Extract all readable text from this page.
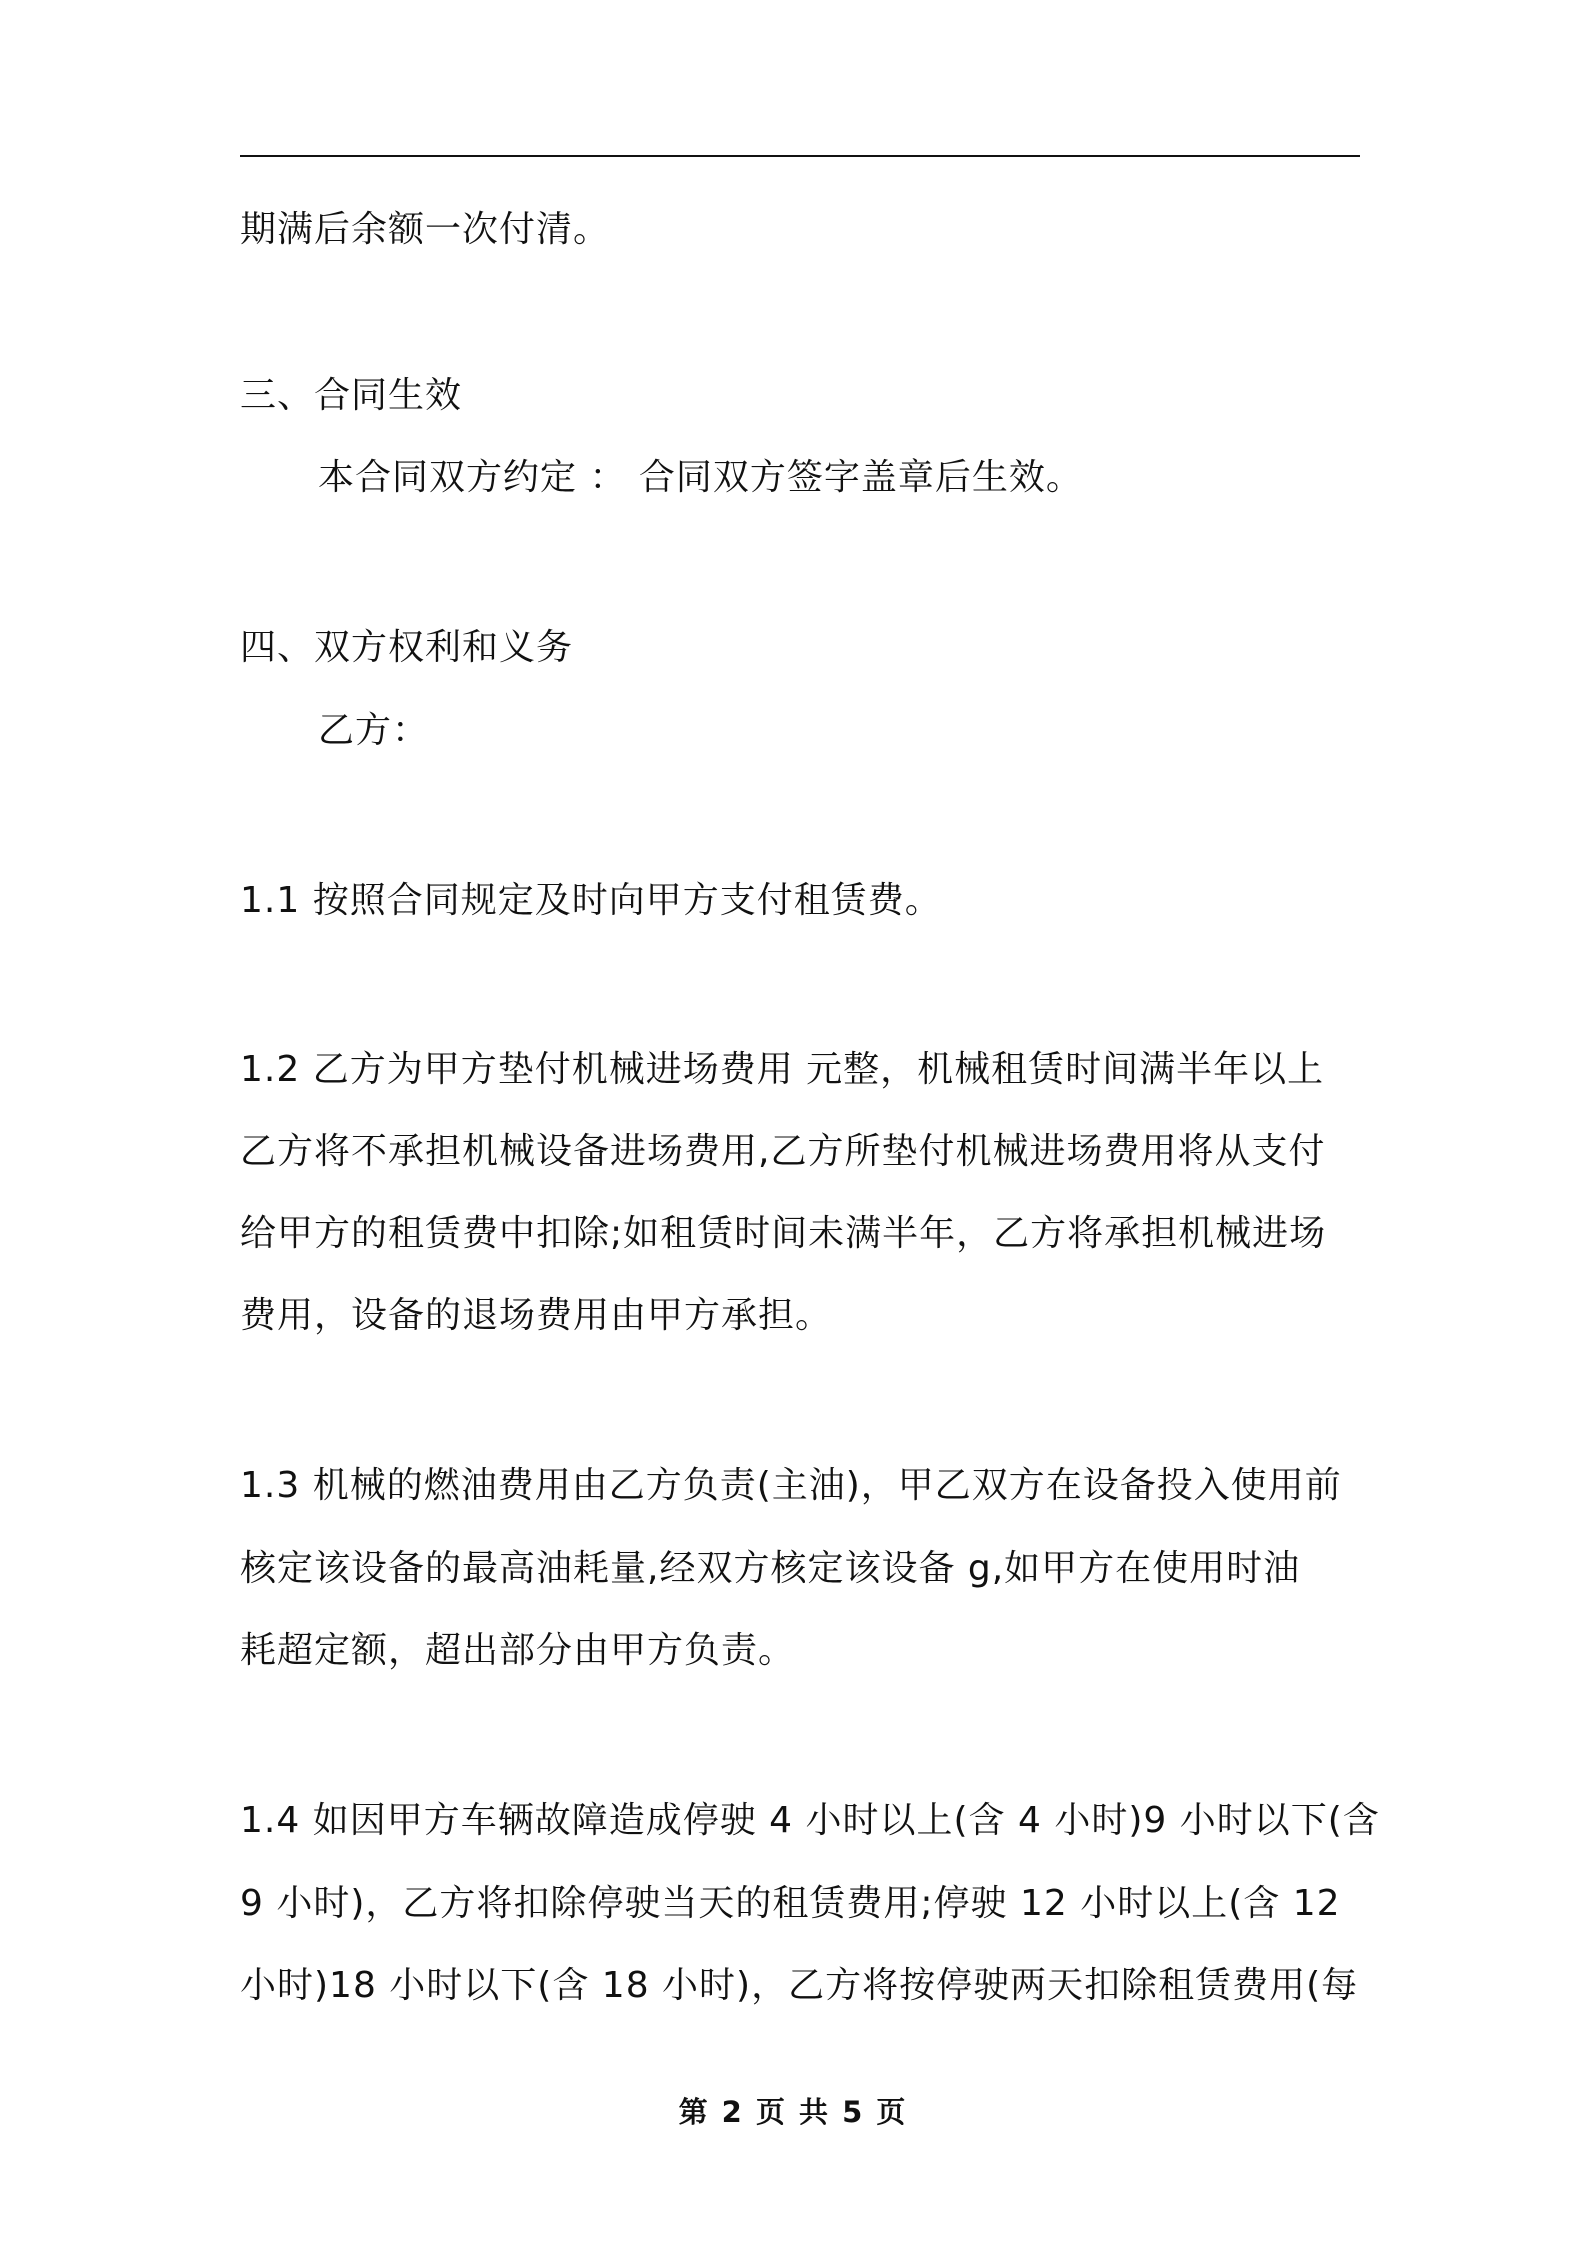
期满后余额一次付清。
三、合同生效
本合同双方约定 ： 合同双方签字盖章后生效。
四、双方权利和义务
乙方：
1.1 按照合同规定及时向甲方支付租赁费。
1.2 乙方为甲方垫付机械进场费用 元整，机械租赁时间满半年以上
乙方将不承担机械设备进场费用,乙方所垫付机械进场费用将从支付
给甲方的租赁费中扣除;如租赁时间未满半年，乙方将承担机械进场
费用，设备的退场费用由甲方承担。
1.3 机械的燃油费用由乙方负责(主油)，甲乙双方在设备投入使用前
核定该设备的最高油耗量,经双方核定该设备 g,如甲方在使用时油
耗超定额，超出部分由甲方负责。
1.4 如因甲方车辆故障造成停驶 4 小时以上(含 4 小时)9 小时以下(含
9 小时)，乙方将扣除停驶当天的租赁费用;停驶 12 小时以上(含 12
小时)18 小时以下(含 18 小时)，乙方将按停驶两天扣除租赁费用(每
第 2 页 共 5 页
